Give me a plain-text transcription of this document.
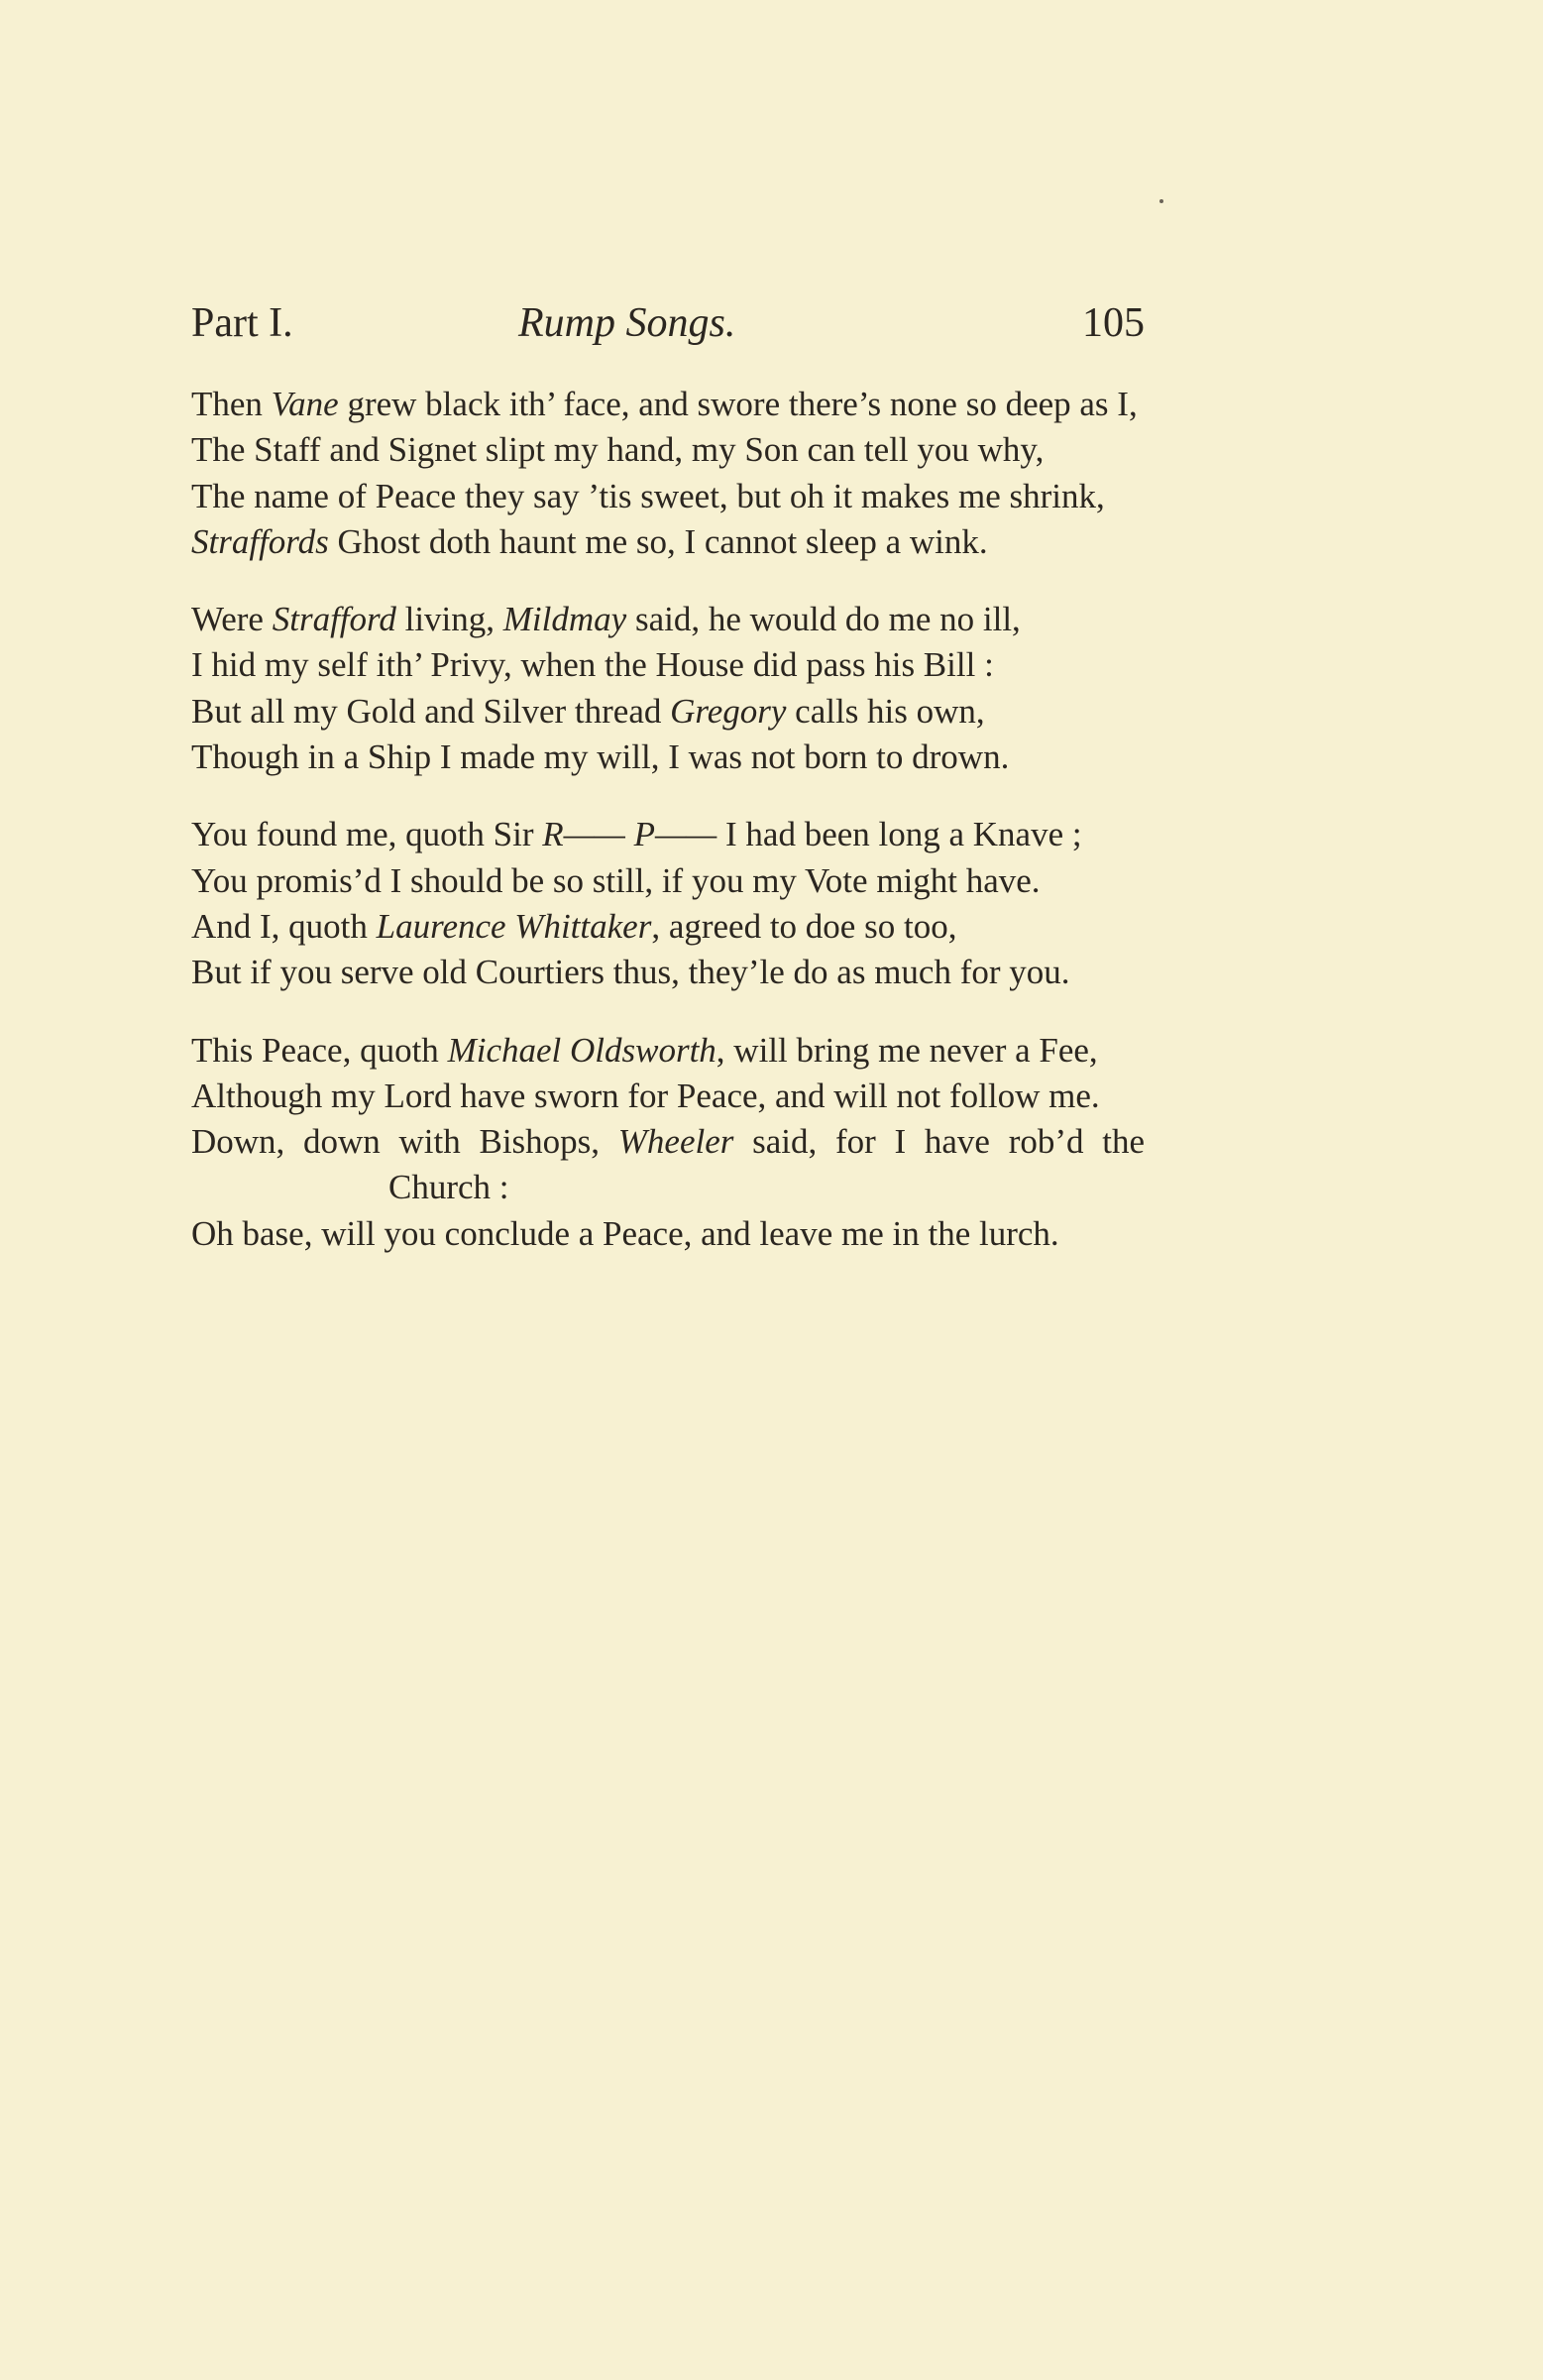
Part I.	Rump Songs.	105
Then Vane grew black ith’ face, and swore there’s none so deep as I,
The Staff and Signet slipt my hand, my Son can tell you why,
The name of Peace they say ’tis sweet, but oh it makes me shrink,
Straffords Ghost doth haunt me so, I cannot sleep a wink.
Were Strafford living, Mildmay said, he would do me no ill,
I hid my self ith’ Privy, when the House did pass his Bill :
But all my Gold and Silver thread Gregory calls his own,
Though in a Ship I made my will, I was not born to drown.
You found me, quoth Sir R—— P—— I had been long a Knave ;
You promis’d I should be so still, if you my Vote might have.
And I, quoth Laurence Whittaker, agreed to doe so too,
But if you serve old Courtiers thus, they’le do as much for you.
This Peace, quoth Michael Oldsworth, will bring me never a Fee,
Although my Lord have sworn for Peace, and will not follow me.
Down, down with Bishops, Wheeler said, for I have rob’d the Church :
Oh base, will you conclude a Peace, and leave me in the lurch.
